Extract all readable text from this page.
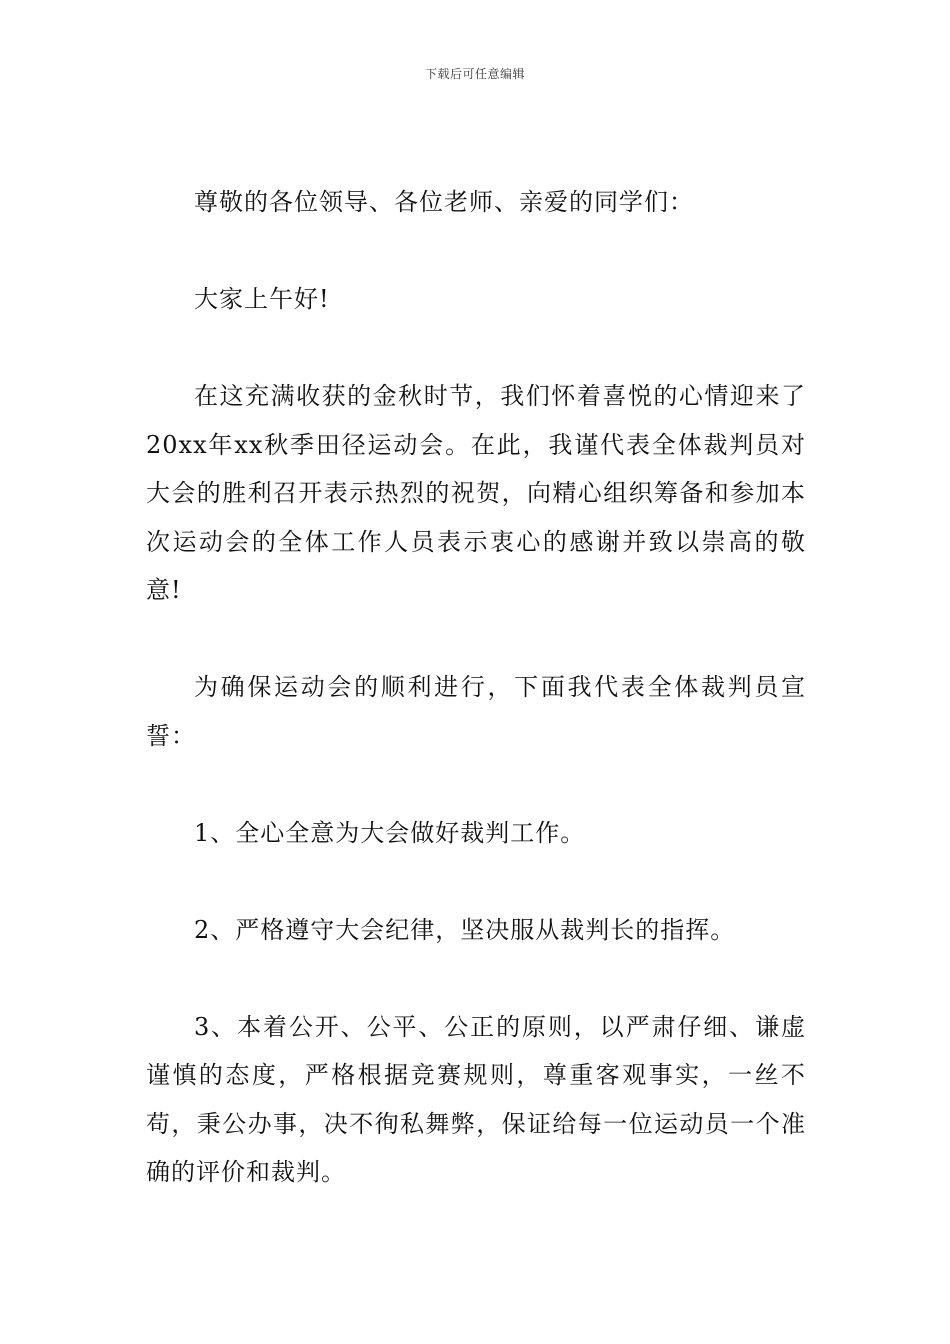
下载后可任意编辑

尊敬的各位领导、各位老师、亲爱的同学们：

大家上午好!

在这充满收获的金秋时节，我们怀着喜悦的心情迎来了20xx年xx秋季田径运动会。在此，我谨代表全体裁判员对大会的胜利召开表示热烈的祝贺，向精心组织筹备和参加本次运动会的全体工作人员表示衷心的感谢并致以崇高的敬意!

为确保运动会的顺利进行，下面我代表全体裁判员宣誓：

1、全心全意为大会做好裁判工作。

2、严格遵守大会纪律，坚决服从裁判长的指挥。

3、本着公开、公平、公正的原则，以严肃仔细、谦虚谨慎的态度，严格根据竞赛规则，尊重客观事实，一丝不苟，秉公办事，决不徇私舞弊，保证给每一位运动员一个准确的评价和裁判。
